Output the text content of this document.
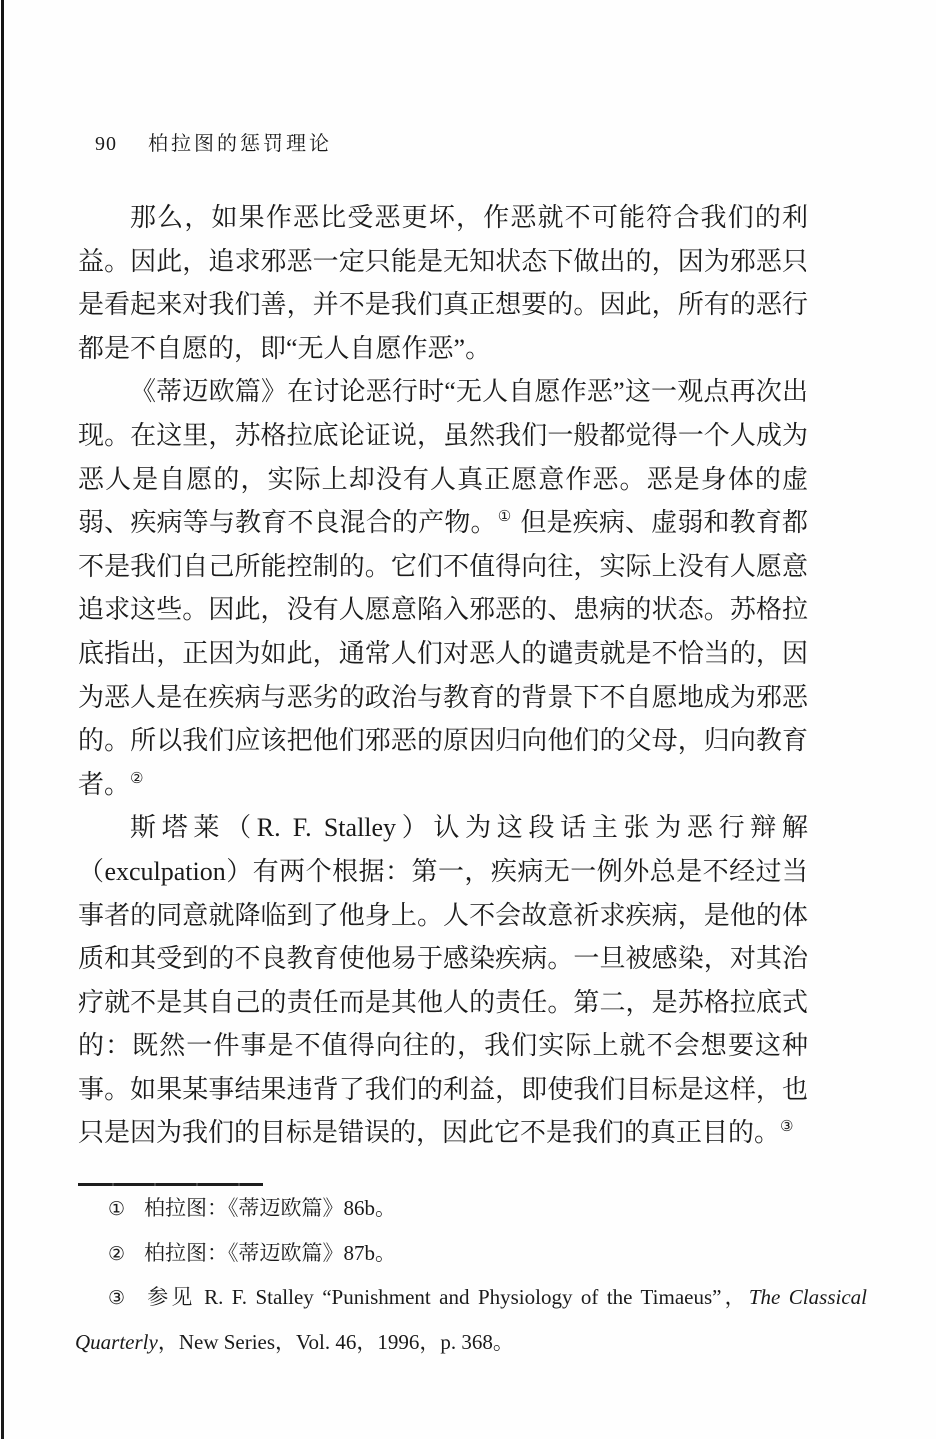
90 柏拉图的惩罚理论

那么，如果作恶比受恶更坏，作恶就不可能符合我们的利益。因此，追求邪恶一定只能是无知状态下做出的，因为邪恶只是看起来对我们善，并不是我们真正想要的。因此，所有的恶行都是不自愿的，即“无人自愿作恶”。

《蒂迈欧篇》在讨论恶行时“无人自愿作恶”这一观点再次出现。在这里，苏格拉底论证说，虽然我们一般都觉得一个人成为恶人是自愿的，实际上却没有人真正愿意作恶。恶是身体的虚弱、疾病等与教育不良混合的产物。① 但是疾病、虚弱和教育都不是我们自己所能控制的。它们不值得向往，实际上没有人愿意追求这些。因此，没有人愿意陷入邪恶的、患病的状态。苏格拉底指出，正因为如此，通常人们对恶人的谴责就是不恰当的，因为恶人是在疾病与恶劣的政治与教育的背景下不自愿地成为邪恶的。所以我们应该把他们邪恶的原因归向他们的父母，归向教育者。②

斯塔莱（R. F. Stalley）认为这段话主张为恶行辩解（exculpation）有两个根据：第一，疾病无一例外总是不经过当事者的同意就降临到了他身上。人不会故意祈求疾病，是他的体质和其受到的不良教育使他易于感染疾病。一旦被感染，对其治疗就不是其自己的责任而是其他人的责任。第二，是苏格拉底式的：既然一件事是不值得向往的，我们实际上就不会想要这种事。如果某事结果违背了我们的利益，即使我们目标是这样，也只是因为我们的目标是错误的，因此它不是我们的真正目的。③

① 柏拉图：《蒂迈欧篇》86b。

② 柏拉图：《蒂迈欧篇》87b。

③ 参见 R. F. Stalley “Punishment and Physiology of the Timaeus”，The Classical Quarterly，New Series，Vol. 46，1996，p. 368。
